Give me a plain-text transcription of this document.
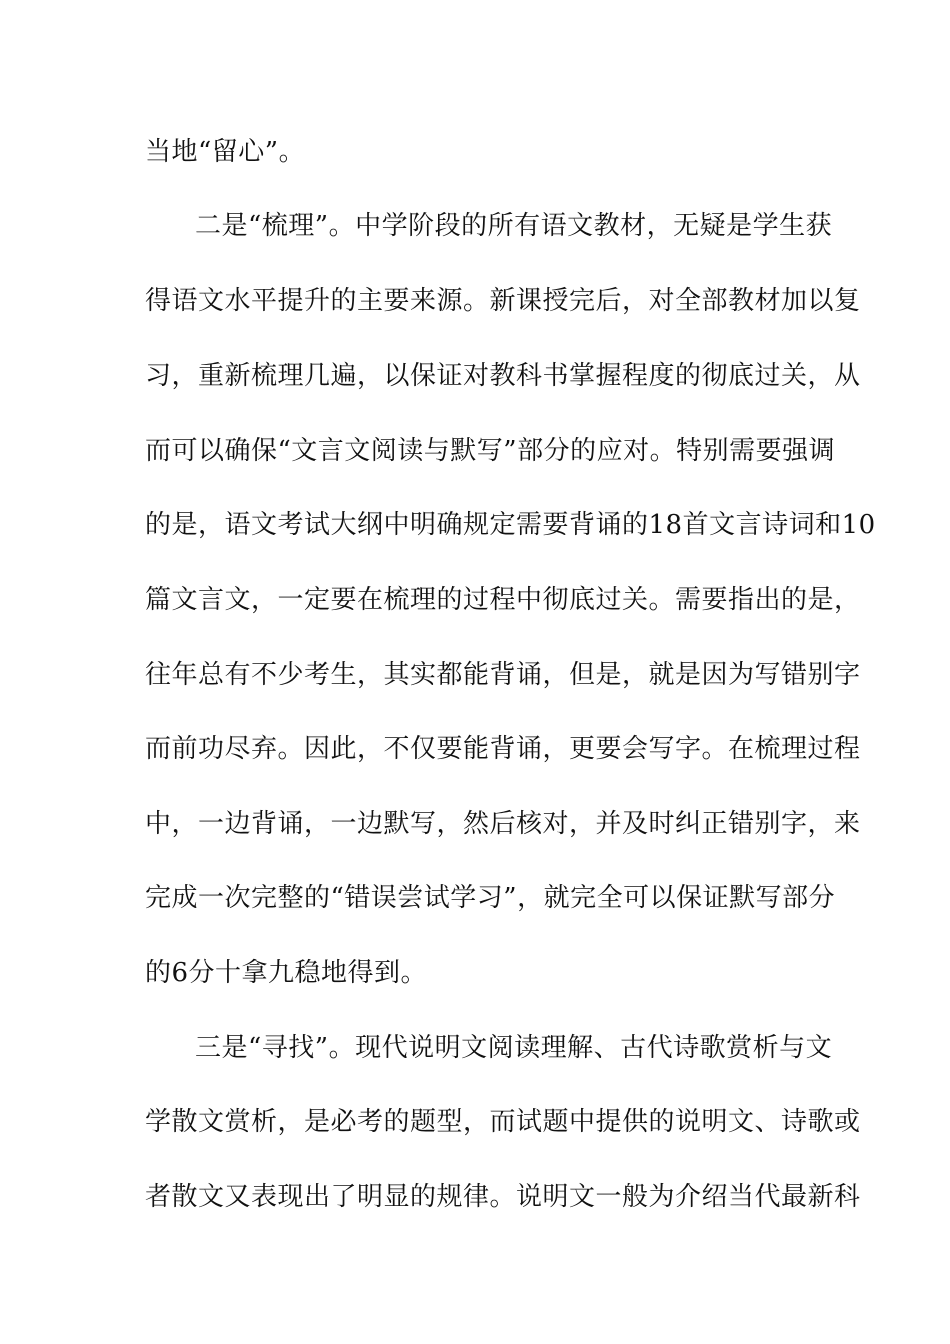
当地“留心”。
二是“梳理”。中学阶段的所有语文教材，无疑是学生获
得语文水平提升的主要来源。新课授完后，对全部教材加以复
习，重新梳理几遍，以保证对教科书掌握程度的彻底过关，从
而可以确保“文言文阅读与默写”部分的应对。特别需要强调
的是，语文考试大纲中明确规定需要背诵的18首文言诗词和10
篇文言文，一定要在梳理的过程中彻底过关。需要指出的是，
往年总有不少考生，其实都能背诵，但是，就是因为写错别字
而前功尽弃。因此，不仅要能背诵，更要会写字。在梳理过程
中，一边背诵，一边默写，然后核对，并及时纠正错别字，来
完成一次完整的“错误尝试学习”，就完全可以保证默写部分
的6分十拿九稳地得到。
三是“寻找”。现代说明文阅读理解、古代诗歌赏析与文
学散文赏析，是必考的题型，而试题中提供的说明文、诗歌或
者散文又表现出了明显的规律。说明文一般为介绍当代最新科
